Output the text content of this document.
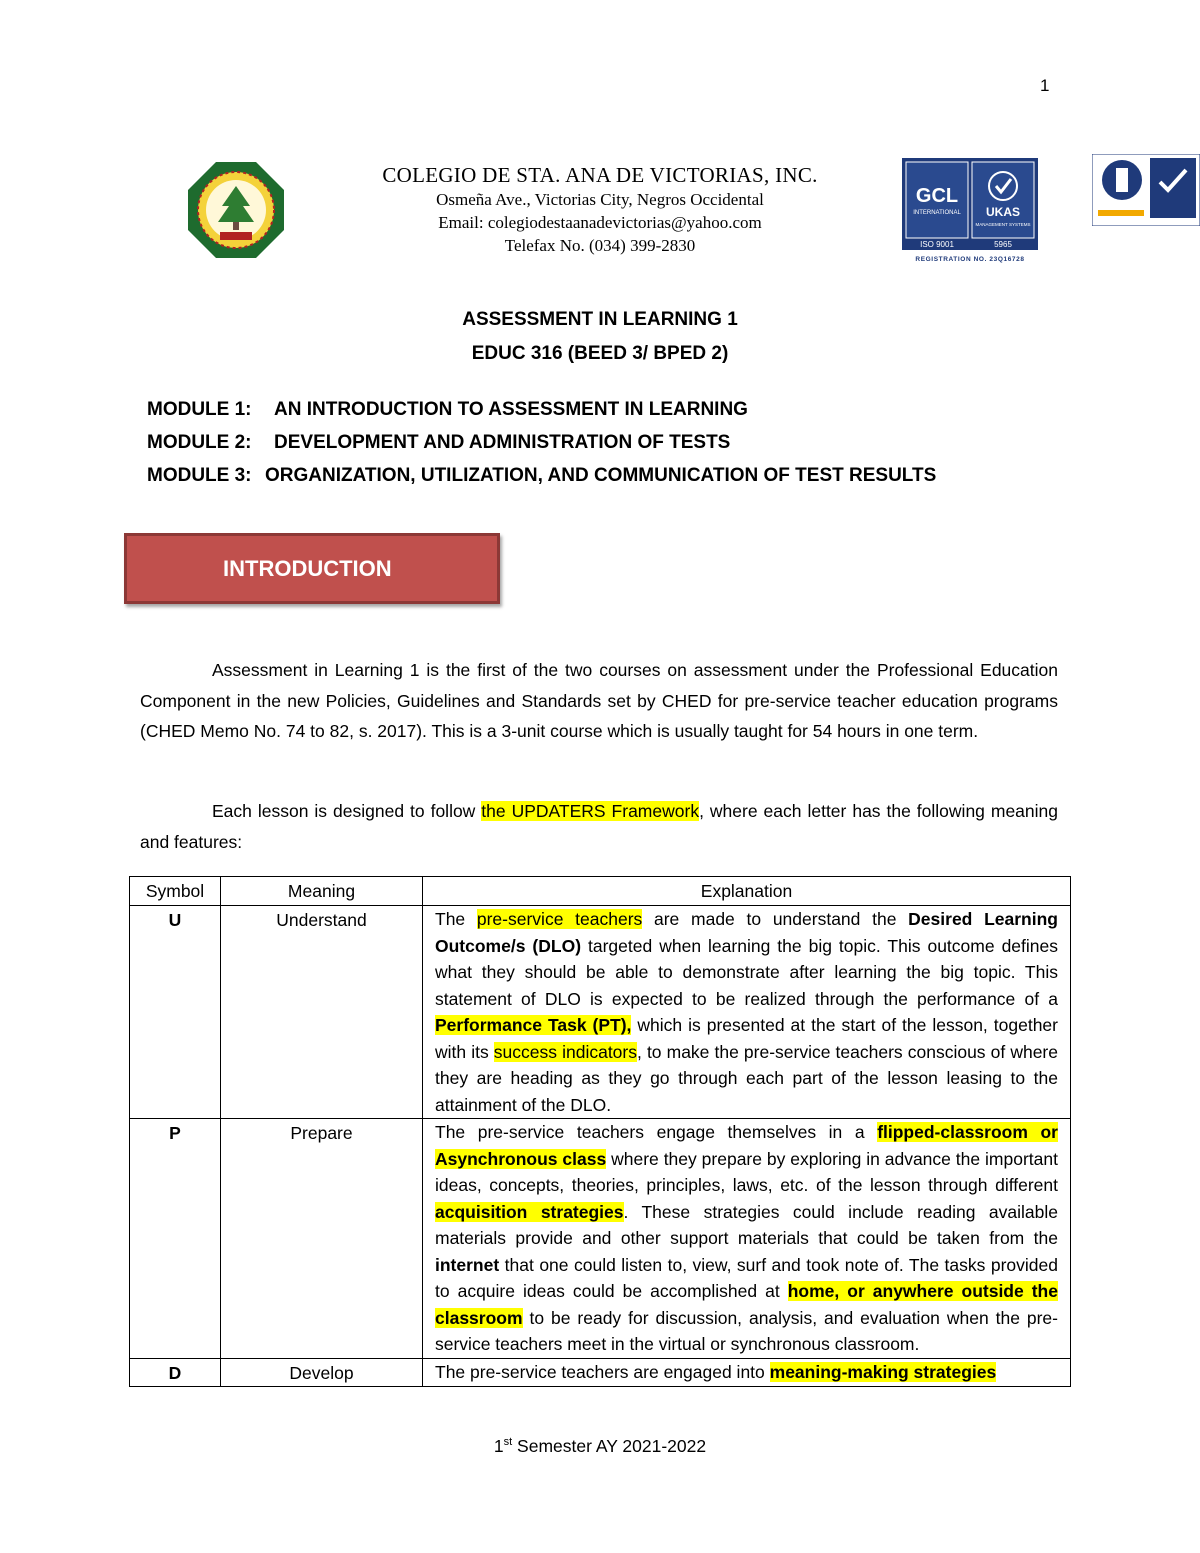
1
COLEGIO DE STA. ANA DE VICTORIAS, INC.
Osmeña Ave., Victorias City, Negros Occidental
Email: colegiodestaanadevictorias@yahoo.com
Telefax No. (034) 399-2830
GCL
INTERNATIONAL UKAS
MANAGEMENT SYSTEMS
ISO 9001	5965
REGISTRATION NO. 23Q16728
ASSESSMENT IN LEARNING 1
EDUC 316 (BEED 3/ BPED 2)
MODULE 1: AN INTRODUCTION TO ASSESSMENT IN LEARNING
MODULE 2: DEVELOPMENT AND ADMINISTRATION OF TESTS
MODULE 3: ORGANIZATION, UTILIZATION, AND COMMUNICATION OF TEST RESULTS
INTRODUCTION
Assessment in Learning 1 is the first of the two courses on assessment under the Professional Education Component in the new Policies, Guidelines and Standards set by CHED for pre-service teacher education programs (CHED Memo No. 74 to 82, s. 2017). This is a 3-unit course which is usually taught for 54 hours in one term.
Each lesson is designed to follow the UPDATERS Framework, where each letter has the following meaning and features:
Symbol	Meaning	Explanation
U	Understand	The pre-service teachers are made to understand the Desired Learning Outcome/s (DLO) targeted when learning the big topic. This outcome defines what they should be able to demonstrate after learning the big topic. This statement of DLO is expected to be realized through the performance of a Performance Task (PT), which is presented at the start of the lesson, together with its success indicators, to make the pre-service teachers conscious of where they are heading as they go through each part of the lesson leasing to the attainment of the DLO.
P	Prepare	The pre-service teachers engage themselves in a flipped-classroom or Asynchronous class where they prepare by exploring in advance the important ideas, concepts, theories, principles, laws, etc. of the lesson through different acquisition strategies. These strategies could include reading available materials provide and other support materials that could be taken from the internet that one could listen to, view, surf and took note of. The tasks provided to acquire ideas could be accomplished at home, or anywhere outside the classroom to be ready for discussion, analysis, and evaluation when the pre-service teachers meet in the virtual or synchronous classroom.
D	Develop	The pre-service teachers are engaged into meaning-making strategies
1st Semester AY 2021-2022
